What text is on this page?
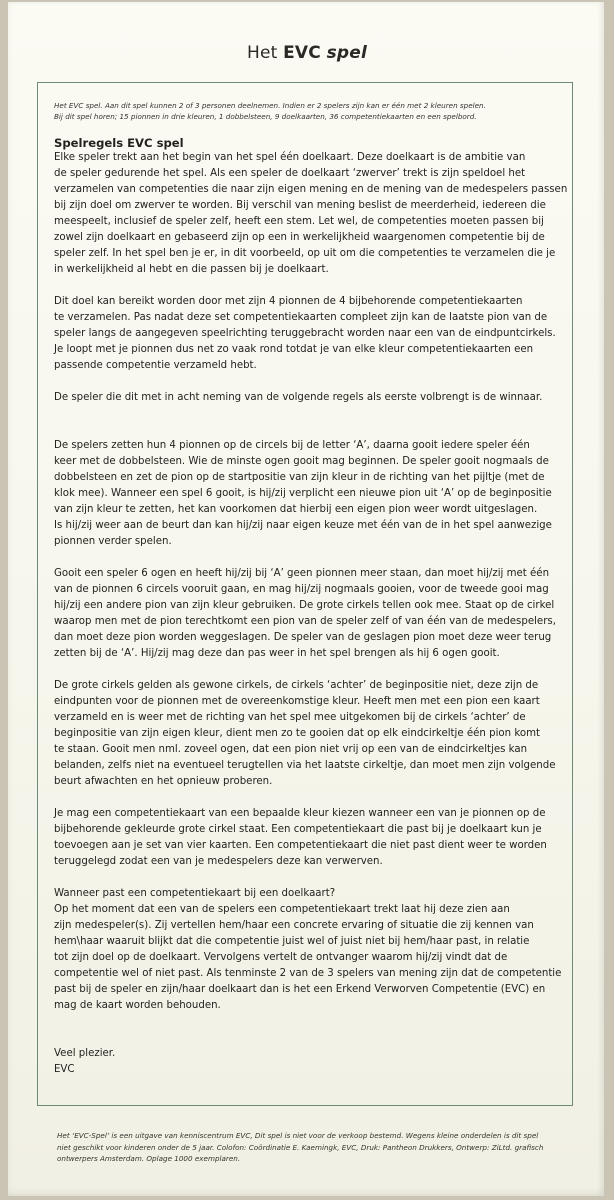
Het EVC spel
Het EVC spel. Aan dit spel kunnen 2 of 3 personen deelnemen. Indien er 2 spelers zijn kan er één met 2 kleuren spelen.
Bij dit spel horen; 15 pionnen in drie kleuren, 1 dobbelsteen, 9 doelkaarten, 36 competentiekaarten en een spelbord.
Spelregels EVC spel
Elke speler trekt aan het begin van het spel één doelkaart. Deze doelkaart is de ambitie van
de speler gedurende het spel. Als een speler de doelkaart ‘zwerver’ trekt is zijn speldoel het
verzamelen van competenties die naar zijn eigen mening en de mening van de medespelers passen
bij zijn doel om zwerver te worden. Bij verschil van mening beslist de meerderheid, iedereen die
meespeelt, inclusief de speler zelf, heeft een stem. Let wel, de competenties moeten passen bij
zowel zijn doelkaart en gebaseerd zijn op een in werkelijkheid waargenomen competentie bij de
speler zelf. In het spel ben je er, in dit voorbeeld, op uit om die competenties te verzamelen die je
in werkelijkheid al hebt en die passen bij je doelkaart.
Dit doel kan bereikt worden door met zijn 4 pionnen de 4 bijbehorende competentiekaarten
te verzamelen. Pas nadat deze set competentiekaarten compleet zijn kan de laatste pion van de
speler langs de aangegeven speelrichting teruggebracht worden naar een van de eindpuntcirkels.
Je loopt met je pionnen dus net zo vaak rond totdat je van elke kleur competentiekaarten een
passende competentie verzameld hebt.
De speler die dit met in acht neming van de volgende regels als eerste volbrengt is de winnaar.
De spelers zetten hun 4 pionnen op de circels bij de letter ‘A’, daarna gooit iedere speler één
keer met de dobbelsteen. Wie de minste ogen gooit mag beginnen. De speler gooit nogmaals de
dobbelsteen en zet de pion op de startpositie van zijn kleur in de richting van het pijltje (met de
klok mee). Wanneer een spel 6 gooit, is hij/zij verplicht een nieuwe pion uit ‘A’ op de beginpositie
van zijn kleur te zetten, het kan voorkomen dat hierbij een eigen pion weer wordt uitgeslagen.
Is hij/zij weer aan de beurt dan kan hij/zij naar eigen keuze met één van de in het spel aanwezige
pionnen verder spelen.
Gooit een speler 6 ogen en heeft hij/zij bij ‘A’ geen pionnen meer staan, dan moet hij/zij met één
van de pionnen 6 circels vooruit gaan, en mag hij/zij nogmaals gooien, voor de tweede gooi mag
hij/zij een andere pion van zijn kleur gebruiken. De grote cirkels tellen ook mee. Staat op de cirkel
waarop men met de pion terechtkomt een pion van de speler zelf of van één van de medespelers,
dan moet deze pion worden weggeslagen. De speler van de geslagen pion moet deze weer terug
zetten bij de ‘A’. Hij/zij mag deze dan pas weer in het spel brengen als hij 6 ogen gooit.
De grote cirkels gelden als gewone cirkels, de cirkels ‘achter’ de beginpositie niet, deze zijn de
eindpunten voor de pionnen met de overeenkomstige kleur. Heeft men met een pion een kaart
verzameld en is weer met de richting van het spel mee uitgekomen bij de cirkels ‘achter’ de
beginpositie van zijn eigen kleur, dient men zo te gooien dat op elk eindcirkeltje één pion komt
te staan. Gooit men nml. zoveel ogen, dat een pion niet vrij op een van de eindcirkeltjes kan
belanden, zelfs niet na eventueel terugtellen via het laatste cirkeltje, dan moet men zijn volgende
beurt afwachten en het opnieuw proberen.
Je mag een competentiekaart van een bepaalde kleur kiezen wanneer een van je pionnen op de
bijbehorende gekleurde grote cirkel staat. Een competentiekaart die past bij je doelkaart kun je
toevoegen aan je set van vier kaarten. Een competentiekaart die niet past dient weer te worden
teruggelegd zodat een van je medespelers deze kan verwerven.
Wanneer past een competentiekaart bij een doelkaart?
Op het moment dat een van de spelers een competentiekaart trekt laat hij deze zien aan
zijn medespeler(s). Zij vertellen hem/haar een concrete ervaring of situatie die zij kennen van
hem\haar waaruit blijkt dat die competentie juist wel of juist niet bij hem/haar past, in relatie
tot zijn doel op de doelkaart. Vervolgens vertelt de ontvanger waarom hij/zij vindt dat de
competentie wel of niet past. Als tenminste 2 van de 3 spelers van mening zijn dat de competentie
past bij de speler en zijn/haar doelkaart dan is het een Erkend Verworven Competentie (EVC) en
mag de kaart worden behouden.
Veel plezier.
EVC
Het ‘EVC-Spel’ is een uitgave van kenniscentrum EVC, Dit spel is niet voor de verkoop bestemd. Wegens kleine onderdelen is dit spel
niet geschikt voor kinderen onder de 5 jaar. Colofon: Coördinatie E. Kaemingk, EVC, Druk: Pantheon Drukkers, Ontwerp: ZiLtd. grafisch
ontwerpers Amsterdam. Oplage 1000 exemplaren.
